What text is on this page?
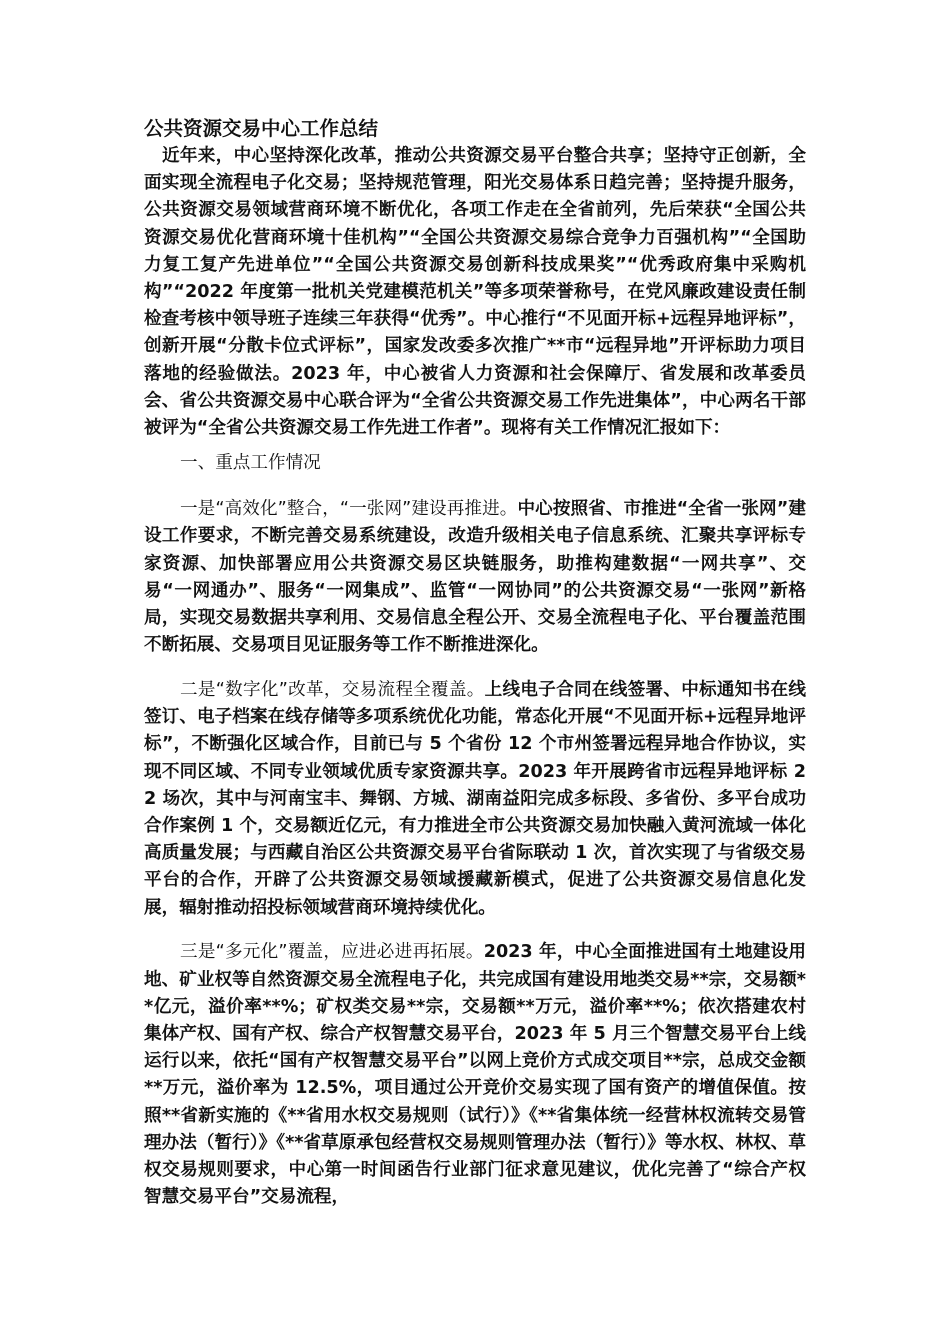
公共资源交易中心工作总结

近年来，中心坚持深化改革，推动公共资源交易平台整合共享；坚持守正创新，全面实现全流程电子化交易；坚持规范管理，阳光交易体系日趋完善；坚持提升服务，公共资源交易领域营商环境不断优化，各项工作走在全省前列，先后荣获“全国公共资源交易优化营商环境十佳机构”“全国公共资源交易综合竞争力百强机构”“全国助力复工复产先进单位”“全国公共资源交易创新科技成果奖”“优秀政府集中采购机构”“2022 年度第一批机关党建模范机关”等多项荣誉称号，在党风廉政建设责任制检查考核中领导班子连续三年获得“优秀”。中心推行“不见面开标+远程异地评标”，创新开展“分散卡位式评标”，国家发改委多次推广**市“远程异地”开评标助力项目落地的经验做法。2023 年，中心被省人力资源和社会保障厅、省发展和改革委员会、省公共资源交易中心联合评为“全省公共资源交易工作先进集体”，中心两名干部被评为“全省公共资源交易工作先进工作者”。现将有关工作情况汇报如下：

一、重点工作情况

一是“高效化”整合，“一张网”建设再推进。中心按照省、市推进“全省一张网”建设工作要求，不断完善交易系统建设，改造升级相关电子信息系统、汇聚共享评标专家资源、加快部署应用公共资源交易区块链服务，助推构建数据“一网共享”、交易“一网通办”、服务“一网集成”、监管“一网协同”的公共资源交易“一张网”新格局，实现交易数据共享利用、交易信息全程公开、交易全流程电子化、平台覆盖范围不断拓展、交易项目见证服务等工作不断推进深化。

二是“数字化”改革，交易流程全覆盖。上线电子合同在线签署、中标通知书在线签订、电子档案在线存储等多项系统优化功能，常态化开展“不见面开标+远程异地评标”，不断强化区域合作，目前已与 5 个省份 12 个市州签署远程异地合作协议，实现不同区域、不同专业领域优质专家资源共享。2023 年开展跨省市远程异地评标 22 场次，其中与河南宝丰、舞钢、方城、湖南益阳完成多标段、多省份、多平台成功合作案例 1 个，交易额近亿元，有力推进全市公共资源交易加快融入黄河流域一体化高质量发展；与西藏自治区公共资源交易平台省际联动 1 次，首次实现了与省级交易平台的合作，开辟了公共资源交易领域援藏新模式，促进了公共资源交易信息化发展，辐射推动招投标领域营商环境持续优化。

三是“多元化”覆盖，应进必进再拓展。2023 年，中心全面推进国有土地建设用地、矿业权等自然资源交易全流程电子化，共完成国有建设用地类交易**宗，交易额**亿元，溢价率**%；矿权类交易**宗，交易额**万元，溢价率**%；依次搭建农村集体产权、国有产权、综合产权智慧交易平台，2023 年 5 月三个智慧交易平台上线运行以来，依托“国有产权智慧交易平台”以网上竞价方式成交项目**宗，总成交金额**万元，溢价率为 12.5%，项目通过公开竞价交易实现了国有资产的增值保值。按照**省新实施的《**省用水权交易规则（试行）》《**省集体统一经营林权流转交易管理办法（暂行）》《**省草原承包经营权交易规则管理办法（暂行）》等水权、林权、草权交易规则要求，中心第一时间函告行业部门征求意见建议，优化完善了“综合产权智慧交易平台”交易流程，
